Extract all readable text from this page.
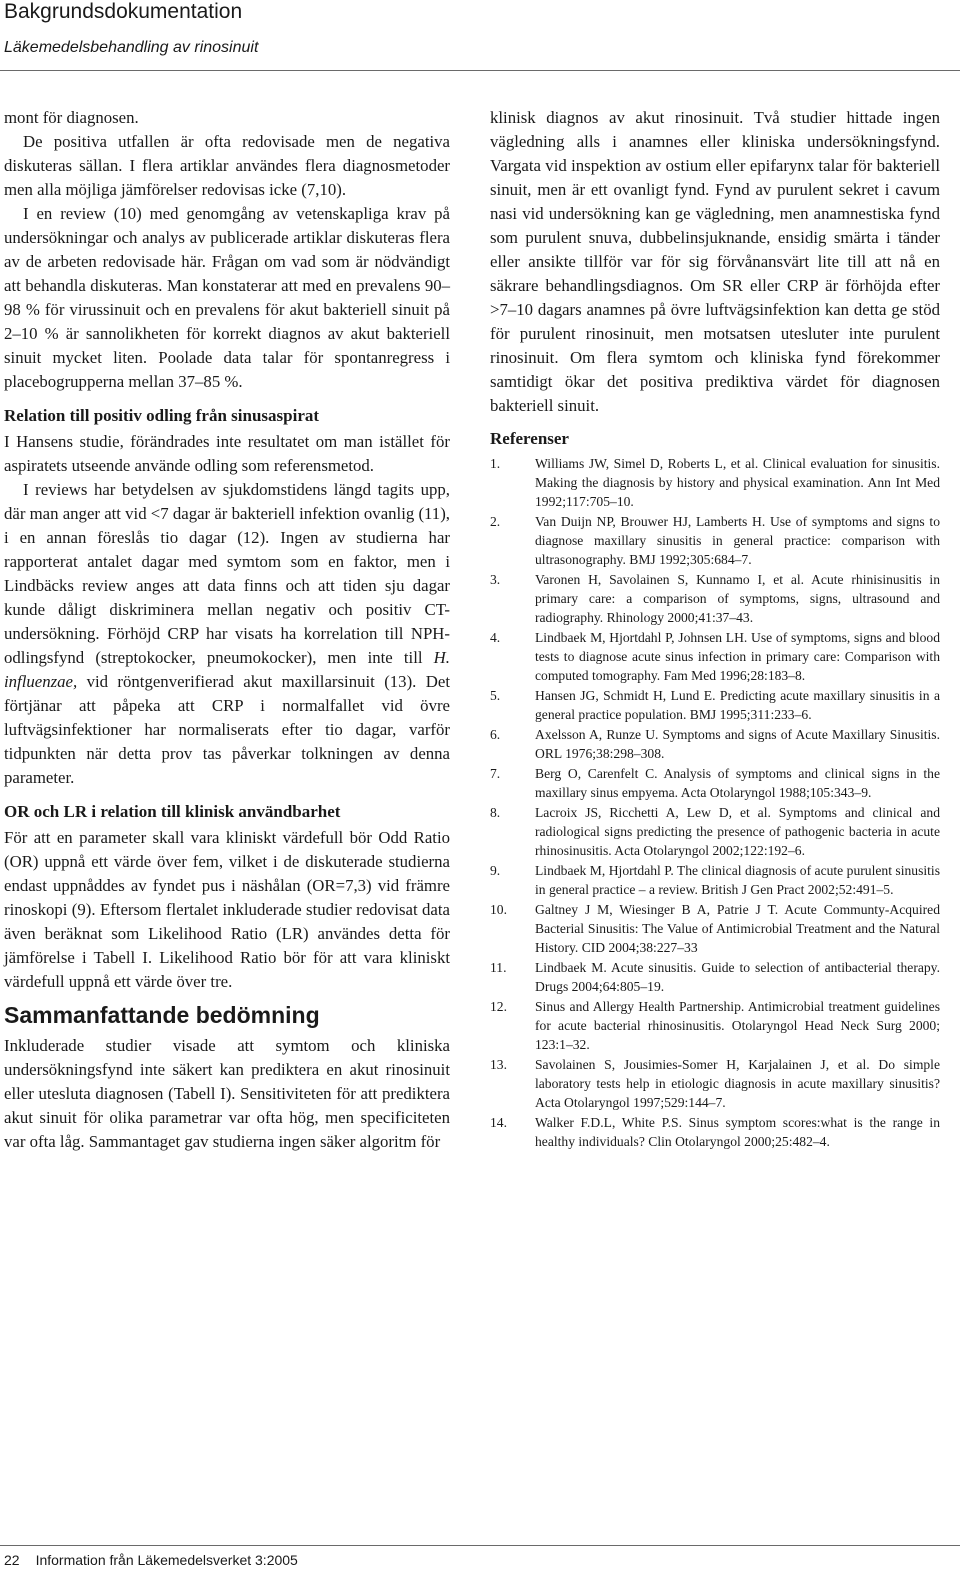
Bakgrundsdokumentation
Läkemedelsbehandling av rinosinuit

mont för diagnosen.

De positiva utfallen är ofta redovisade men de negativa diskuteras sällan. I flera artiklar användes flera diagnosmetoder men alla möjliga jämförelser redovisas icke (7,10).

I en review (10) med genomgång av vetenskapliga krav på undersökningar och analys av publicerade artiklar diskuteras flera av de arbeten redovisade här. Frågan om vad som är nödvändigt att behandla diskuteras. Man konstaterar att med en prevalens 90–98 % för virussinuit och en prevalens för akut bakteriell sinuit på 2–10 % är sannolikheten för korrekt diagnos av akut bakteriell sinuit mycket liten. Poolade data talar för spontanregress i placebogrupperna mellan 37–85 %.

Relation till positiv odling från sinusaspirat

I Hansens studie, förändrades inte resultatet om man istället för aspiratets utseende använde odling som referensmetod.

I reviews har betydelsen av sjukdomstidens längd tagits upp, där man anger att vid <7 dagar är bakteriell infektion ovanlig (11), i en annan föreslås tio dagar (12). Ingen av studierna har rapporterat antalet dagar med symtom som en faktor, men i Lindbäcks review anges att data finns och att tiden sju dagar kunde dåligt diskriminera mellan negativ och positiv CT-undersökning. Förhöjd CRP har visats ha korrelation till NPH-odlingsfynd (streptokocker, pneumokocker), men inte till H. influenzae, vid röntgenverifierad akut maxillarsinuit (13). Det förtjänar att påpeka att CRP i normalfallet vid övre luftvägsinfektioner har normaliserats efter tio dagar, varför tidpunkten när detta prov tas påverkar tolkningen av denna parameter.

OR och LR i relation till klinisk användbarhet

För att en parameter skall vara kliniskt värdefull bör Odd Ratio (OR) uppnå ett värde över fem, vilket i de diskuterade studierna endast uppnåddes av fyndet pus i näshålan (OR=7,3) vid främre rinoskopi (9). Eftersom flertalet inkluderade studier redovisat data även beräknat som Likelihood Ratio (LR) användes detta för jämförelse i Tabell I. Likelihood Ratio bör för att vara kliniskt värdefull uppnå ett värde över tre.

Sammanfattande bedömning

Inkluderade studier visade att symtom och kliniska undersökningsfynd inte säkert kan prediktera en akut rinosinuit eller utesluta diagnosen (Tabell I). Sensitiviteten för att prediktera akut sinuit för olika parametrar var ofta hög, men specificiteten var ofta låg. Sammantaget gav studierna ingen säker algoritm för

klinisk diagnos av akut rinosinuit. Två studier hittade ingen vägledning alls i anamnes eller kliniska undersökningsfynd. Vargata vid inspektion av ostium eller epifarynx talar för bakteriell sinuit, men är ett ovanligt fynd. Fynd av purulent sekret i cavum nasi vid undersökning kan ge vägledning, men anamnestiska fynd som purulent snuva, dubbelinsjuknande, ensidig smärta i tänder eller ansikte tillför var för sig förvånansvärt lite till att nå en säkrare behandlingsdiagnos. Om SR eller CRP är förhöjda efter >7–10 dagars anamnes på övre luftvägsinfektion kan detta ge stöd för purulent rinosinuit, men motsatsen utesluter inte purulent rinosinuit. Om flera symtom och kliniska fynd förekommer samtidigt ökar det positiva prediktiva värdet för diagnosen bakteriell sinuit.

Referenser
1.	Williams JW, Simel D, Roberts L, et al. Clinical evaluation for sinusitis. Making the diagnosis by history and physical examination. Ann Int Med 1992;117:705–10.
2.	Van Duijn NP, Brouwer HJ, Lamberts H. Use of symptoms and signs to diagnose maxillary sinusitis in general practice: comparison with ultrasonography. BMJ 1992;305:684–7.
3.	Varonen H, Savolainen S, Kunnamo I, et al. Acute rhinisinusitis in primary care: a comparison of symptoms, signs, ultrasound and radiography. Rhinology 2000;41:37–43.
4.	Lindbaek M, Hjortdahl P, Johnsen LH. Use of symptoms, signs and blood tests to diagnose acute sinus infection in primary care: Comparison with computed tomography. Fam Med 1996;28:183–8.
5.	Hansen JG, Schmidt H, Lund E. Predicting acute maxillary sinusitis in a general practice population. BMJ 1995;311:233–6.
6.	Axelsson A, Runze U. Symptoms and signs of Acute Maxillary Sinusitis. ORL 1976;38:298–308.
7.	Berg O, Carenfelt C. Analysis of symptoms and clinical signs in the maxillary sinus empyema. Acta Otolaryngol 1988;105:343–9.
8.	Lacroix JS, Ricchetti A, Lew D, et al. Symptoms and clinical and radiological signs predicting the presence of pathogenic bacteria in acute rhinosinusitis. Acta Otolaryngol 2002;122:192–6.
9.	Lindbaek M, Hjortdahl P. The clinical diagnosis of acute purulent sinusitis in general practice – a review. British J Gen Pract 2002;52:491–5.
10.	Galtney J M, Wiesinger B A, Patrie J T. Acute Communty-Acquired Bacterial Sinusitis: The Value of Antimicrobial Treatment and the Natural History. CID 2004;38:227–33
11.	Lindbaek M. Acute sinusitis. Guide to selection of antibacterial therapy. Drugs 2004;64:805–19.
12.	Sinus and Allergy Health Partnership. Antimicrobial treatment guidelines for acute bacterial rhinosinusitis. Otolaryngol Head Neck Surg 2000; 123:1–32.
13.	Savolainen S, Jousimies-Somer H, Karjalainen J, et al. Do simple laboratory tests help in etiologic diagnosis in acute maxillary sinusitis? Acta Otolaryngol 1997;529:144–7.
14.	Walker F.D.L, White P.S. Sinus symptom scores:what is the range in healthy individuals? Clin Otolaryngol 2000;25:482–4.
22 Information från Läkemedelsverket 3:2005
